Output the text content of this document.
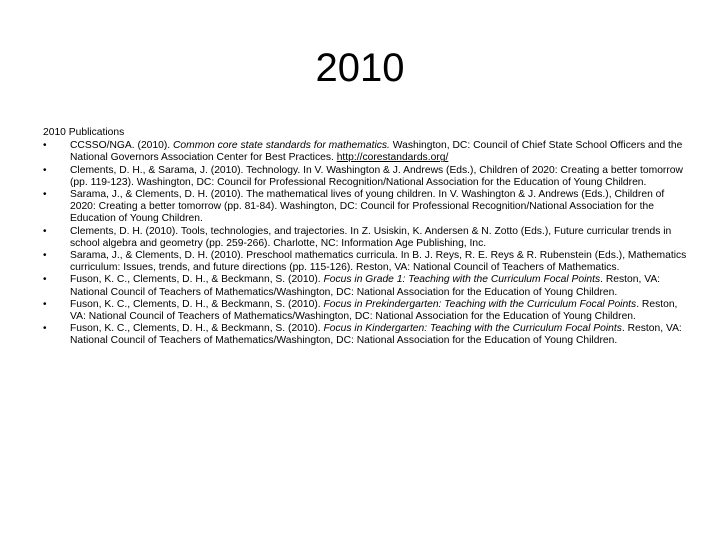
2010
2010 Publications
•	CCSSO/NGA. (2010). Common core state standards for mathematics. Washington, DC: Council of Chief State School Officers and the National Governors Association Center for Best Practices. http://corestandards.org/
•	Clements, D. H., & Sarama, J. (2010). Technology. In V. Washington & J. Andrews (Eds.), Children of 2020: Creating a better tomorrow (pp. 119-123). Washington, DC: Council for Professional Recognition/National Association for the Education of Young Children.
•	Sarama, J., & Clements, D. H. (2010). The mathematical lives of young children. In V. Washington & J. Andrews (Eds.), Children of 2020: Creating a better tomorrow (pp. 81-84). Washington, DC: Council for Professional Recognition/National Association for the Education of Young Children.
•	Clements, D. H. (2010). Tools, technologies, and trajectories. In Z. Usiskin, K. Andersen & N. Zotto (Eds.), Future curricular trends in school algebra and geometry (pp. 259-266). Charlotte, NC: Information Age Publishing, Inc.
•	Sarama, J., & Clements, D. H. (2010). Preschool mathematics curricula. In B. J. Reys, R. E. Reys & R. Rubenstein (Eds.), Mathematics curriculum: Issues, trends, and future directions (pp. 115-126). Reston, VA: National Council of Teachers of Mathematics.
•	Fuson, K. C., Clements, D. H., & Beckmann, S. (2010). Focus in Grade 1: Teaching with the Curriculum Focal Points. Reston, VA: National Council of Teachers of Mathematics/Washington, DC: National Association for the Education of Young Children.
•	Fuson, K. C., Clements, D. H., & Beckmann, S. (2010). Focus in Prekindergarten: Teaching with the Curriculum Focal Points. Reston, VA: National Council of Teachers of Mathematics/Washington, DC: National Association for the Education of Young Children.
•	Fuson, K. C., Clements, D. H., & Beckmann, S. (2010). Focus in Kindergarten: Teaching with the Curriculum Focal Points. Reston, VA: National Council of Teachers of Mathematics/Washington, DC: National Association for the Education of Young Children.
